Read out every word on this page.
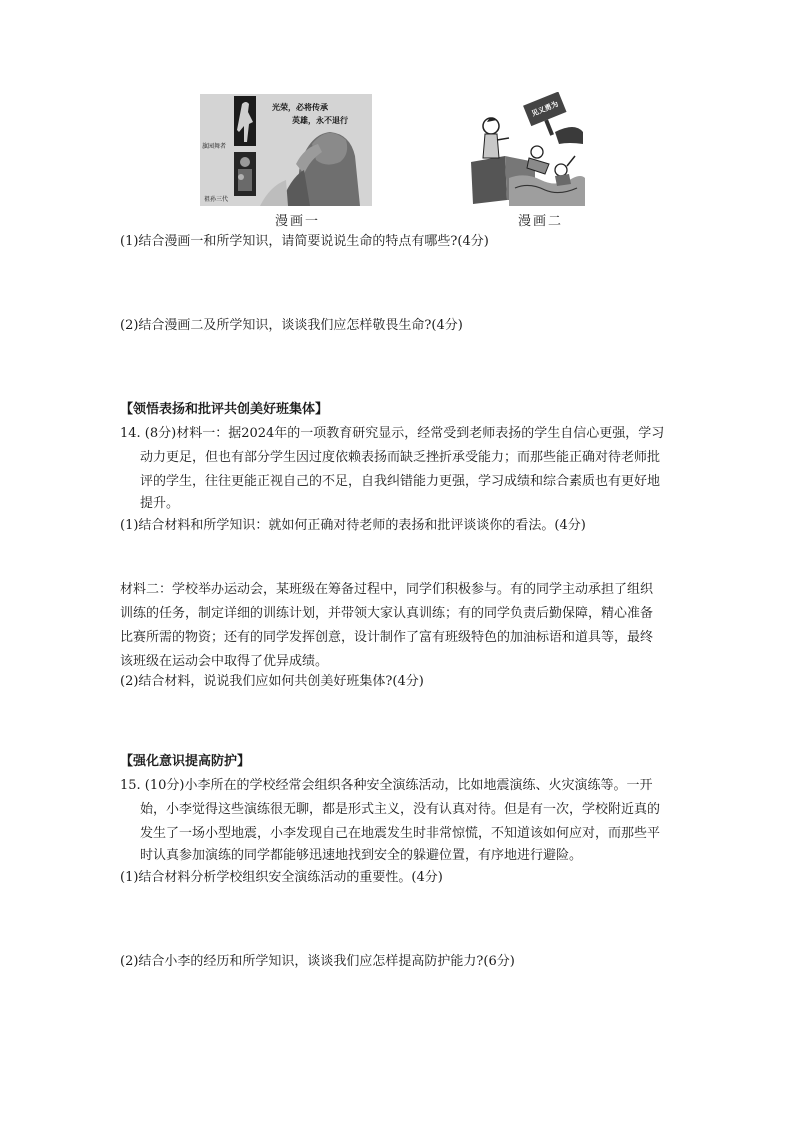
光荣，必将传承
英雄，永不退行
旗园舞者
祖孙三代
漫画一
见义勇为
漫画二
(1)结合漫画一和所学知识，请简要说说生命的特点有哪些?(4分)
(2)结合漫画二及所学知识，谈谈我们应怎样敬畏生命?(4分)
【领悟表扬和批评共创美好班集体】
14. (8分)材料一：据2024年的一项教育研究显示，经常受到老师表扬的学生自信心更强，学习
动力更足，但也有部分学生因过度依赖表扬而缺乏挫折承受能力；而那些能正确对待老师批
评的学生，往往更能正视自己的不足，自我纠错能力更强，学习成绩和综合素质也有更好地
提升。
(1)结合材料和所学知识：就如何正确对待老师的表扬和批评谈谈你的看法。(4分)
材料二：学校举办运动会，某班级在筹备过程中，同学们积极参与。有的同学主动承担了组织
训练的任务，制定详细的训练计划，并带领大家认真训练；有的同学负责后勤保障，精心准备
比赛所需的物资；还有的同学发挥创意，设计制作了富有班级特色的加油标语和道具等，最终
该班级在运动会中取得了优异成绩。
(2)结合材料，说说我们应如何共创美好班集体?(4分)
【强化意识提高防护】
15. (10分)小李所在的学校经常会组织各种安全演练活动，比如地震演练、火灾演练等。一开
始，小李觉得这些演练很无聊，都是形式主义，没有认真对待。但是有一次，学校附近真的
发生了一场小型地震，小李发现自己在地震发生时非常惊慌，不知道该如何应对，而那些平
时认真参加演练的同学都能够迅速地找到安全的躲避位置，有序地进行避险。
(1)结合材料分析学校组织安全演练活动的重要性。(4分)
(2)结合小李的经历和所学知识，谈谈我们应怎样提高防护能力?(6分)
